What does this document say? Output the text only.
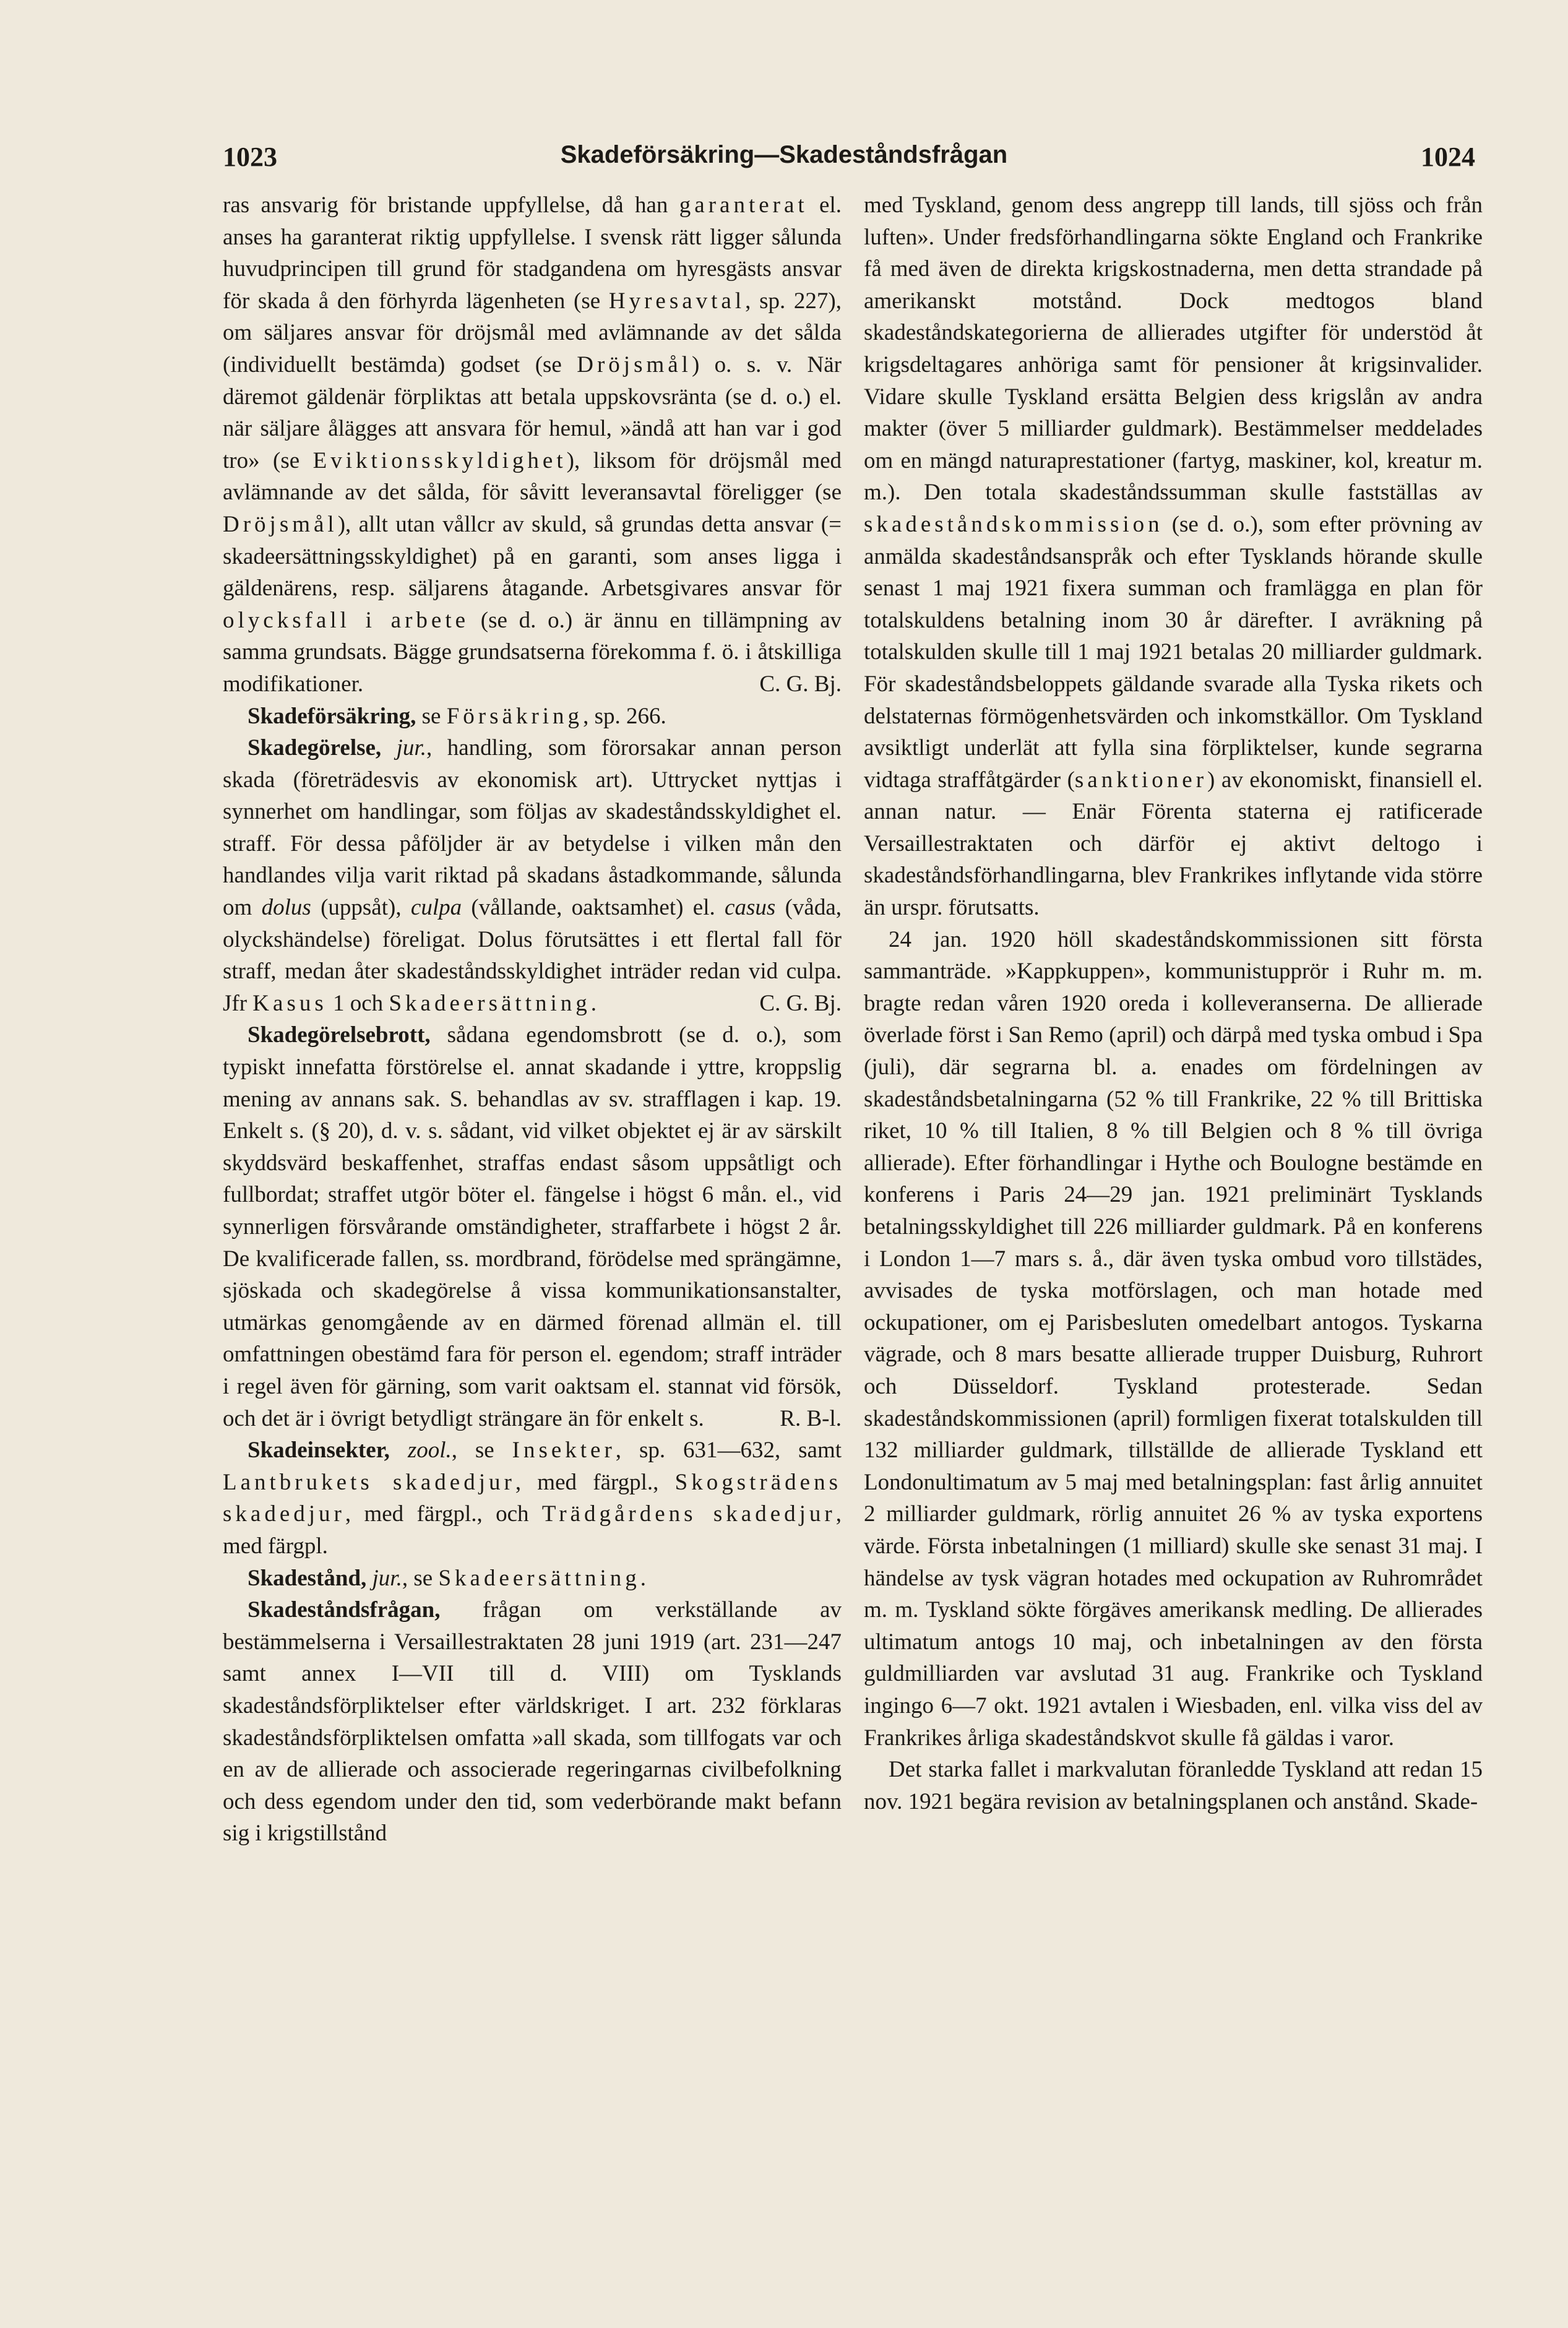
1023	Skadeförsäkring—Skadeståndsfrågan	1024

ras ansvarig för bristande uppfyllelse, då han garanterat el. anses ha garanterat riktig uppfyllelse. I svensk rätt ligger sålunda huvudprincipen till grund för stadgandena om hyresgästs ansvar för skada å den förhyrda lägenheten (se Hyresavtal, sp. 227), om säljares ansvar för dröjsmål med avlämnande av det sålda (individuellt bestämda) godset (se Dröjsmål) o. s. v. När däremot gäldenär förpliktas att betala uppskovsränta (se d. o.) el. när säljare ålägges att ansvara för hemul, »ändå att han var i god tro» (se Eviktionsskyldighet), liksom för dröjsmål med avlämnande av det sålda, för såvitt leveransavtal föreligger (se Dröjsmål), allt utan vållcr av skuld, så grundas detta ansvar (= skadeersättningsskyldighet) på en garanti, som anses ligga i gäldenärens, resp. säljarens åtagande. Arbetsgivares ansvar för olycksfall i arbete (se d. o.) är ännu en tillämpning av samma grundsats. Bägge grundsatserna förekomma f. ö. i åtskilliga modifikationer.	C. G. Bj.

Skadeförsäkring, se Försäkring, sp. 266.

Skadegörelse, jur., handling, som förorsakar annan person skada (företrädesvis av ekonomisk art). Uttrycket nyttjas i synnerhet om handlingar, som följas av skadeståndsskyldighet el. straff. För dessa påföljder är av betydelse i vilken mån den handlandes vilja varit riktad på skadans åstadkommande, sålunda om dolus (uppsåt), culpa (vållande, oaktsamhet) el. casus (våda, olyckshändelse) föreligat. Dolus förutsättes i ett flertal fall för straff, medan åter skadeståndsskyldighet inträder redan vid culpa. Jfr Kasus 1 och Skadeersättning.	C. G. Bj.

Skadegörelsebrott, sådana egendomsbrott (se d. o.), som typiskt innefatta förstörelse el. annat skadande i yttre, kroppslig mening av annans sak. S. behandlas av sv. strafflagen i kap. 19. Enkelt s. (§ 20), d. v. s. sådant, vid vilket objektet ej är av särskilt skyddsvärd beskaffenhet, straffas endast såsom uppsåtligt och fullbordat; straffet utgör böter el. fängelse i högst 6 mån. el., vid synnerligen försvårande omständigheter, straffarbete i högst 2 år. De kvalificerade fallen, ss. mordbrand, förödelse med sprängämne, sjöskada och skadegörelse å vissa kommunikationsanstalter, utmärkas genomgående av en därmed förenad allmän el. till omfattningen obestämd fara för person el. egendom; straff inträder i regel även för gärning, som varit oaktsam el. stannat vid försök, och det är i övrigt betydligt strängare än för enkelt s.	R. B-l.

Skadeinsekter, zool., se Insekter, sp. 631—632, samt Lantbrukets skadedjur, med färgpl., Skogsträdens skadedjur, med färgpl., och Trädgårdens skadedjur, med färgpl.

Skadestånd, jur., se Skadeersättning.

Skadeståndsfrågan, frågan om verkställande av bestämmelserna i Versaillestraktaten 28 juni 1919 (art. 231—247 samt annex I—VII till d. VIII) om Tysklands skadeståndsförpliktelser efter världskriget. I art. 232 förklaras skadeståndsförpliktelsen omfatta »all skada, som tillfogats var och en av de allierade och associerade regeringarnas civilbefolkning och dess egendom under den tid, som vederbörande makt befann sig i krigstillstånd

med Tyskland, genom dess angrepp till lands, till sjöss och från luften». Under fredsförhandlingarna sökte England och Frankrike få med även de direkta krigskostnaderna, men detta strandade på amerikanskt motstånd. Dock medtogos bland skadeståndskategorierna de allierades utgifter för understöd åt krigsdeltagares anhöriga samt för pensioner åt krigsinvalider. Vidare skulle Tyskland ersätta Belgien dess krigslån av andra makter (över 5 milliarder guldmark). Bestämmelser meddelades om en mängd naturaprestationer (fartyg, maskiner, kol, kreatur m. m.). Den totala skadeståndssumman skulle fastställas av skadeståndskommission (se d. o.), som efter prövning av anmälda skadeståndsanspråk och efter Tysklands hörande skulle senast 1 maj 1921 fixera summan och framlägga en plan för totalskuldens betalning inom 30 år därefter. I avräkning på totalskulden skulle till 1 maj 1921 betalas 20 milliarder guldmark. För skadeståndsbeloppets gäldande svarade alla Tyska rikets och delstaternas förmögenhetsvärden och inkomstkällor. Om Tyskland avsiktligt underlät att fylla sina förpliktelser, kunde segrarna vidtaga straffåtgärder (sanktioner) av ekonomiskt, finansiell el. annan natur. — Enär Förenta staterna ej ratificerade Versaillestraktaten och därför ej aktivt deltogo i skadeståndsförhandlingarna, blev Frankrikes inflytande vida större än urspr. förutsatts.

24 jan. 1920 höll skadeståndskommissionen sitt första sammanträde. »Kappkuppen», kommunistupprör i Ruhr m. m. bragte redan våren 1920 oreda i kolleveranserna. De allierade överlade först i San Remo (april) och därpå med tyska ombud i Spa (juli), där segrarna bl. a. enades om fördelningen av skadeståndsbetalningarna (52 % till Frankrike, 22 % till Brittiska riket, 10 % till Italien, 8 % till Belgien och 8 % till övriga allierade). Efter förhandlingar i Hythe och Boulogne bestämde en konferens i Paris 24—29 jan. 1921 preliminärt Tysklands betalningsskyldighet till 226 milliarder guldmark. På en konferens i London 1—7 mars s. å., där även tyska ombud voro tillstädes, avvisades de tyska motförslagen, och man hotade med ockupationer, om ej Parisbesluten omedelbart antogos. Tyskarna vägrade, och 8 mars besatte allierade trupper Duisburg, Ruhrort och Düsseldorf. Tyskland protesterade. Sedan skadeståndskommissionen (april) formligen fixerat totalskulden till 132 milliarder guldmark, tillställde de allierade Tyskland ett Londonultimatum av 5 maj med betalningsplan: fast årlig annuitet 2 milliarder guldmark, rörlig annuitet 26 % av tyska exportens värde. Första inbetalningen (1 milliard) skulle ske senast 31 maj. I händelse av tysk vägran hotades med ockupation av Ruhrområdet m. m. Tyskland sökte förgäves amerikansk medling. De allierades ultimatum antogs 10 maj, och inbetalningen av den första guldmilliarden var avslutad 31 aug. Frankrike och Tyskland ingingo 6—7 okt. 1921 avtalen i Wiesbaden, enl. vilka viss del av Frankrikes årliga skadeståndskvot skulle få gäldas i varor.

Det starka fallet i markvalutan föranledde Tyskland att redan 15 nov. 1921 begära revision av betalningsplanen och anstånd. Skade-
